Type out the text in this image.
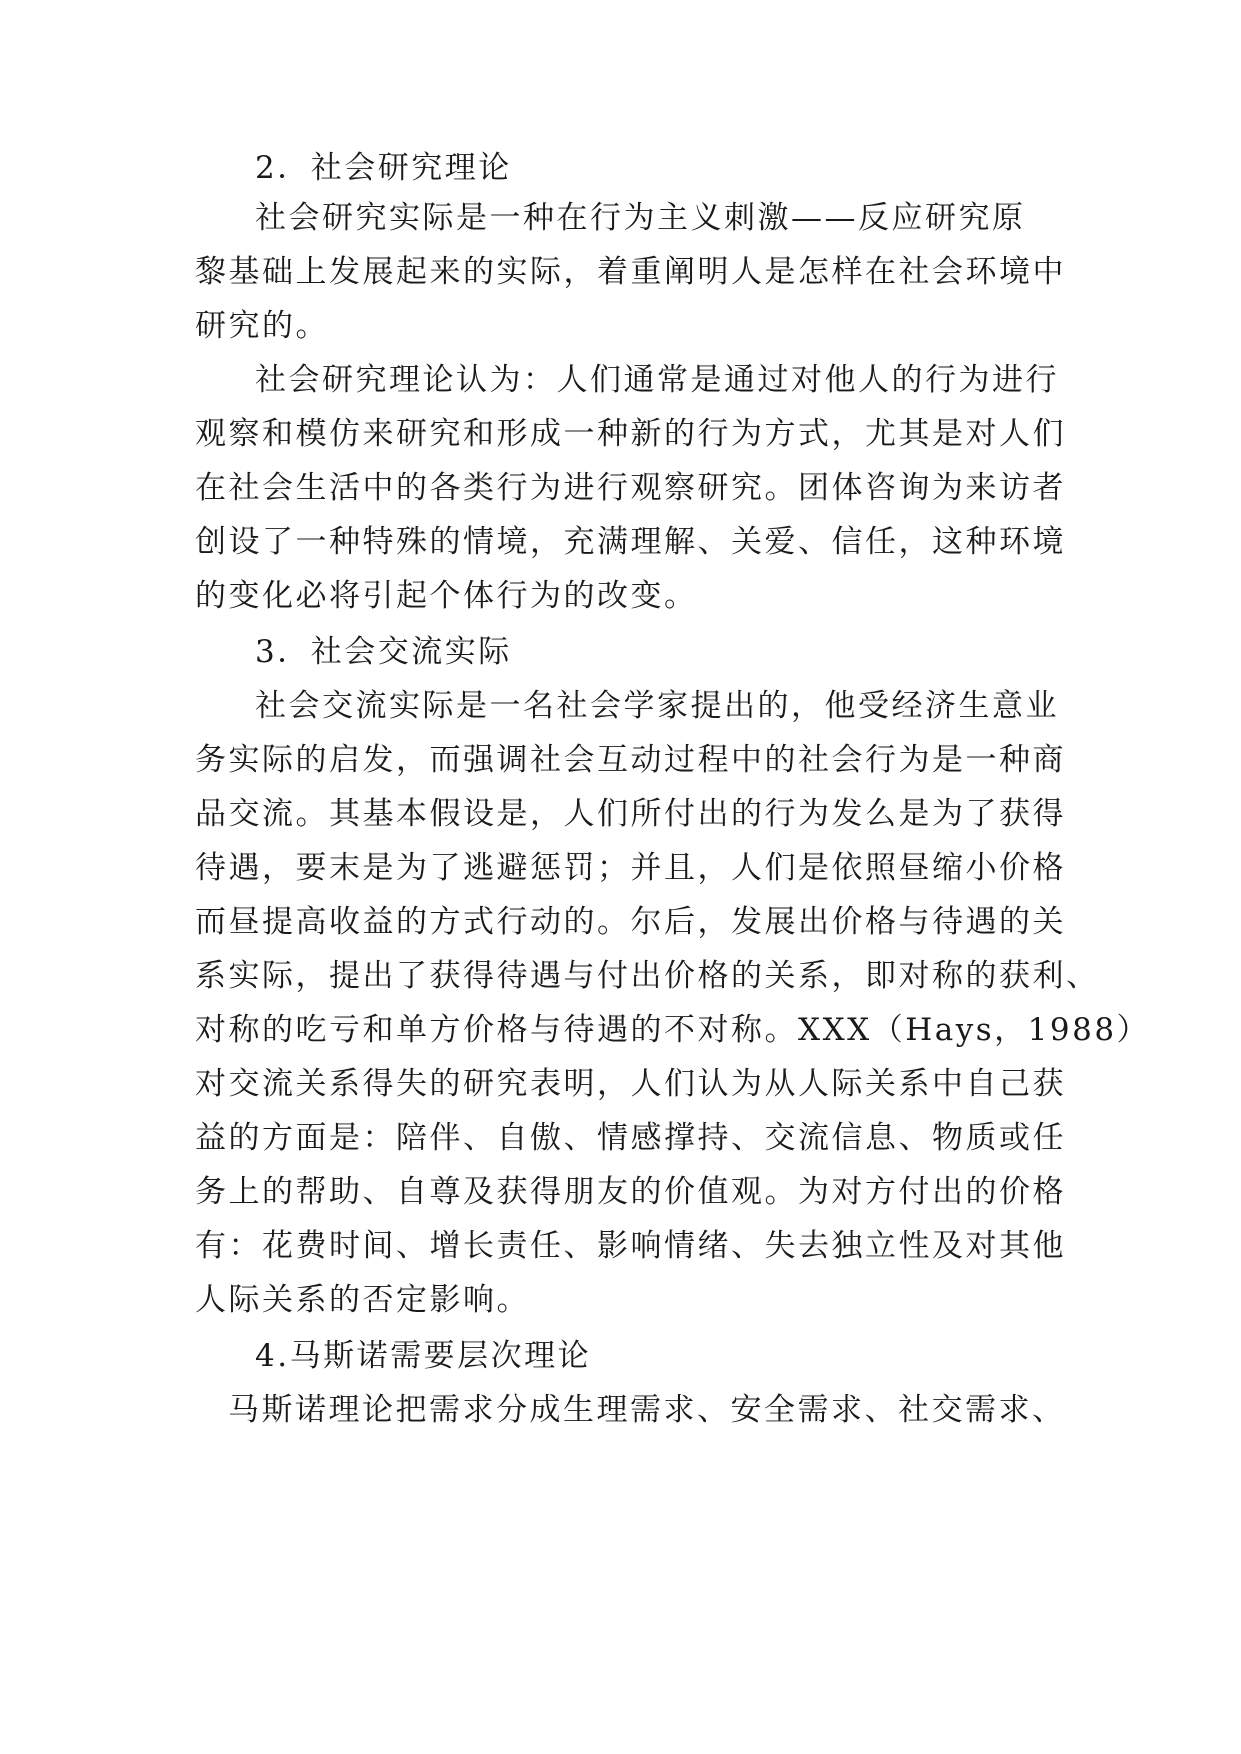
2．社会研究理论
社会研究实际是一种在行为主义刺激——反应研究原
黎基础上发展起来的实际，着重阐明人是怎样在社会环境中
研究的。
社会研究理论认为：人们通常是通过对他人的行为进行
观察和模仿来研究和形成一种新的行为方式，尤其是对人们
在社会生活中的各类行为进行观察研究。团体咨询为来访者
创设了一种特殊的情境，充满理解、关爱、信任，这种环境
的变化必将引起个体行为的改变。
3．社会交流实际
社会交流实际是一名社会学家提出的，他受经济生意业
务实际的启发，而强调社会互动过程中的社会行为是一种商
品交流。其基本假设是，人们所付出的行为发么是为了获得
待遇，要末是为了逃避惩罚；并且，人们是依照昼缩小价格
而昼提高收益的方式行动的。尔后，发展出价格与待遇的关
系实际，提出了获得待遇与付出价格的关系，即对称的获利、
对称的吃亏和单方价格与待遇的不对称。XXX（Hays，1988）
对交流关系得失的研究表明，人们认为从人际关系中自己获
益的方面是：陪伴、自傲、情感撑持、交流信息、物质或任
务上的帮助、自尊及获得朋友的价值观。为对方付出的价格
有：花费时间、增长责任、影响情绪、失去独立性及对其他
人际关系的否定影响。
4.马斯诺需要层次理论
马斯诺理论把需求分成生理需求、安全需求、社交需求、
